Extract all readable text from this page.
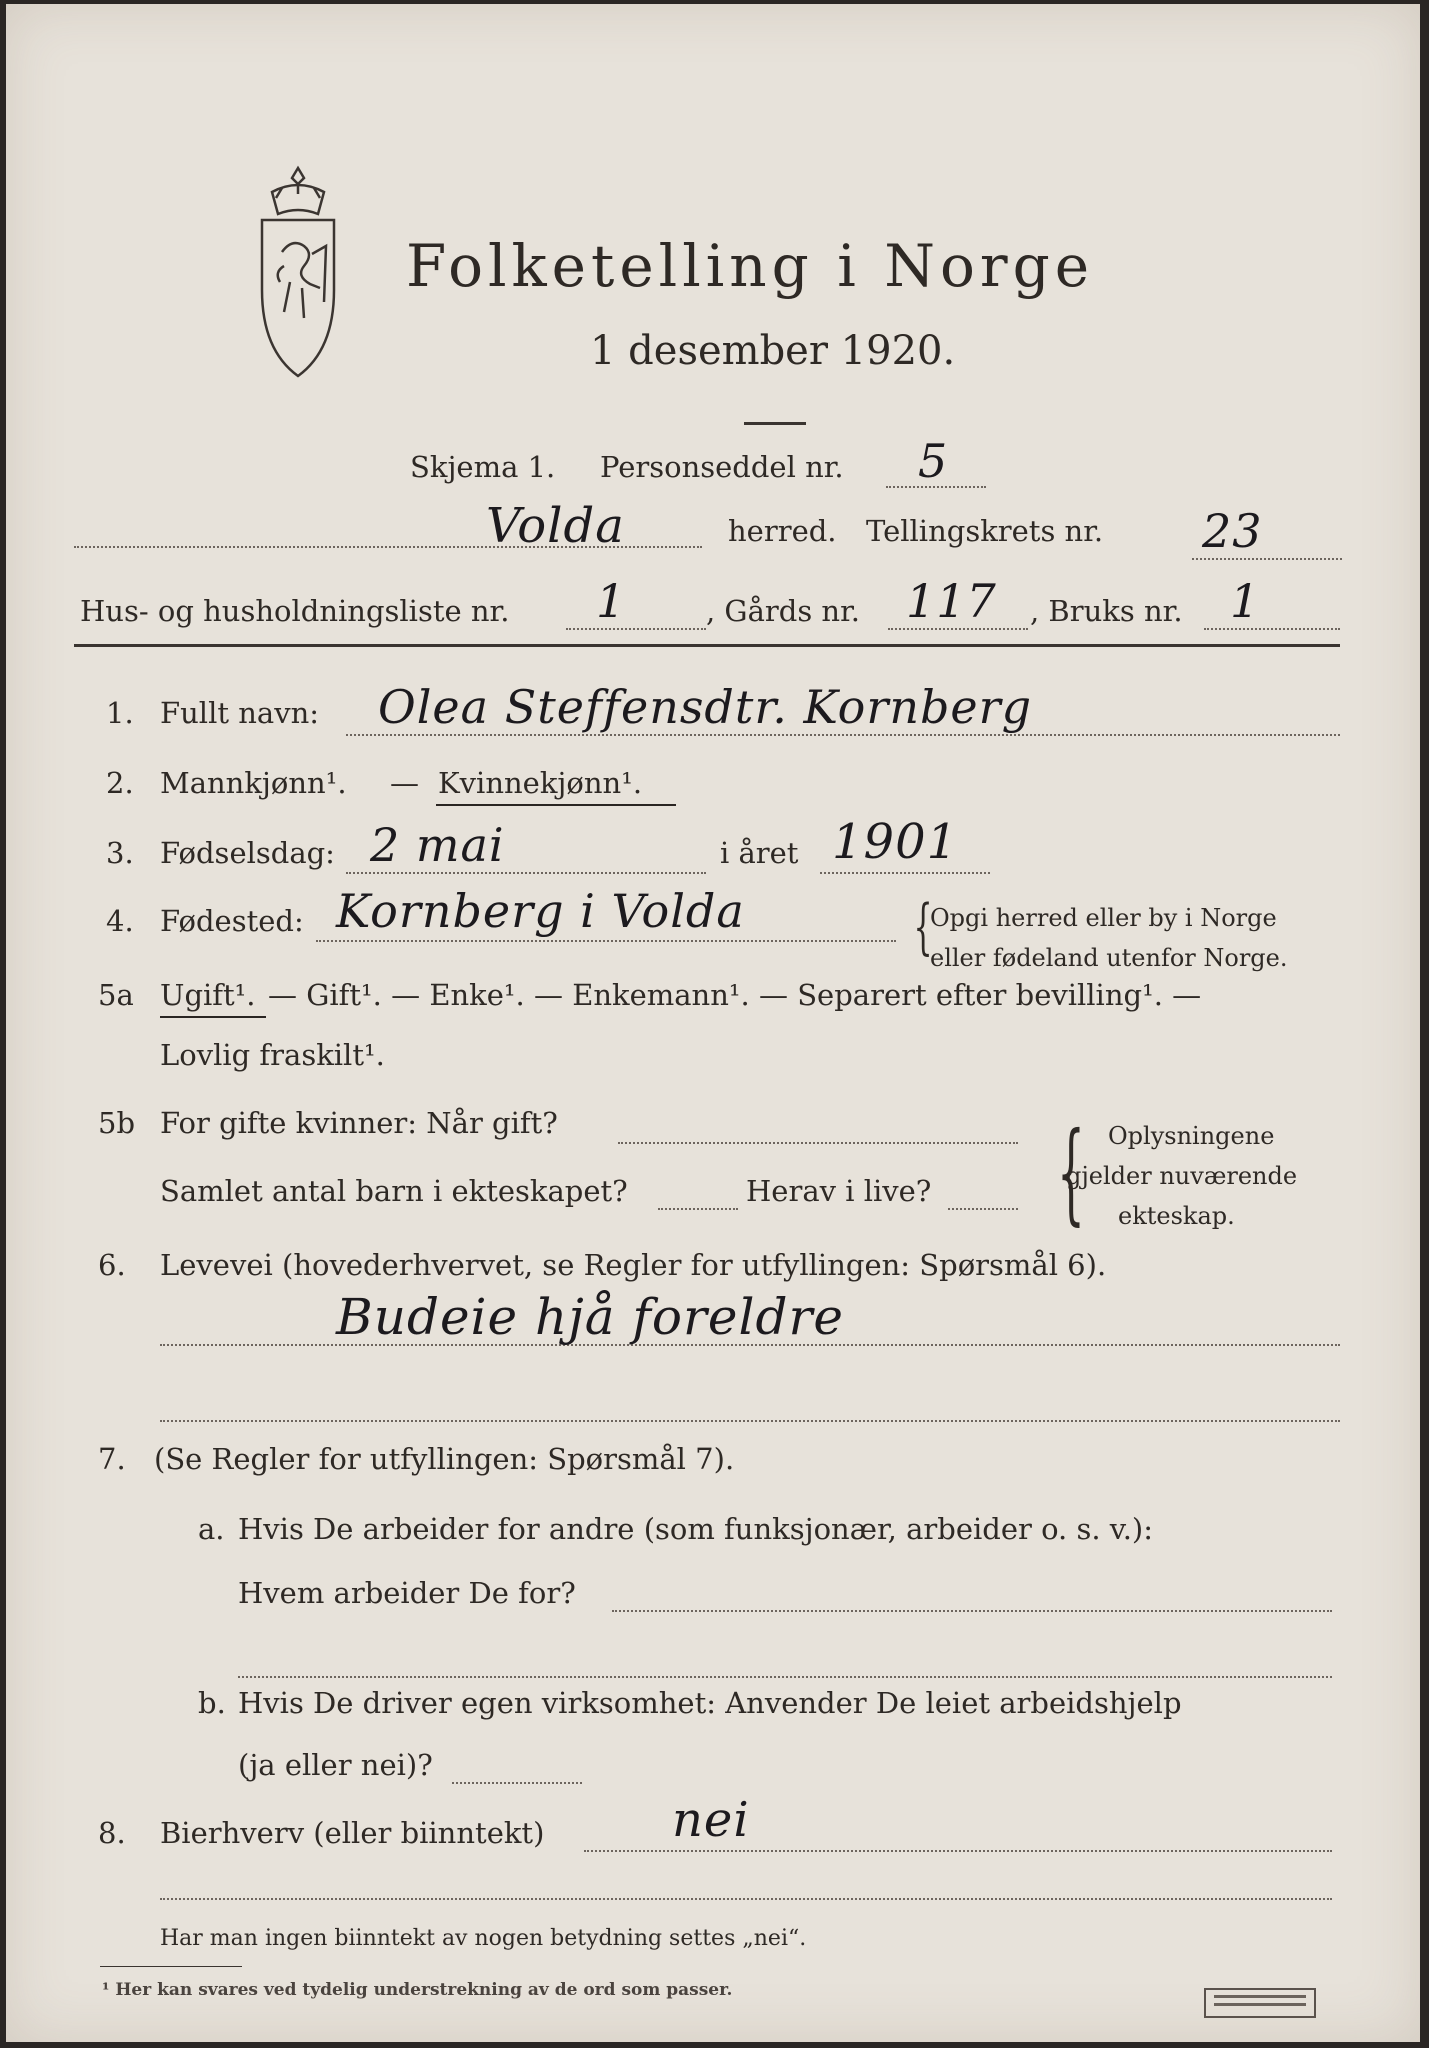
Folketelling i Norge
1 desember 1920.
Skjema 1. Personseddel nr. 5
Volda	herred. Tellingskrets nr. 23
Hus- og husholdningsliste nr. 1	, Gårds nr. 117 , Bruks nr. 1
1. Fullt navn: Olea Steffensdtr. Kornberg
2. Mannkjønn¹. — Kvinnekjønn¹.
3. Fødselsdag: 2 mai	i året 1901
4. Fødested: Kornberg i Volda	{
Opgi herred eller by i Norge
eller fødeland utenfor Norge.
5a Ugift¹. — Gift¹. — Enke¹. — Enkemann¹. — Separert efter bevilling¹. —
Lovlig fraskilt¹.
5b For gifte kvinner: Når gift?
Samlet antal barn i ekteskapet?	Herav i live? { Oplysningene
gjelder nuværende
ekteskap.
6. Levevei (hovederhvervet, se Regler for utfyllingen: Spørsmål 6).
Budeie hjå foreldre
7. (Se Regler for utfyllingen: Spørsmål 7).
a. Hvis De arbeider for andre (som funksjonær, arbeider o. s. v.):
Hvem arbeider De for?
b. Hvis De driver egen virksomhet: Anvender De leiet arbeidshjelp
(ja eller nei)?
8. Bierhverv (eller biinntekt)	nei
Har man ingen biinntekt av nogen betydning settes „nei“.
¹ Her kan svares ved tydelig understrekning av de ord som passer.
